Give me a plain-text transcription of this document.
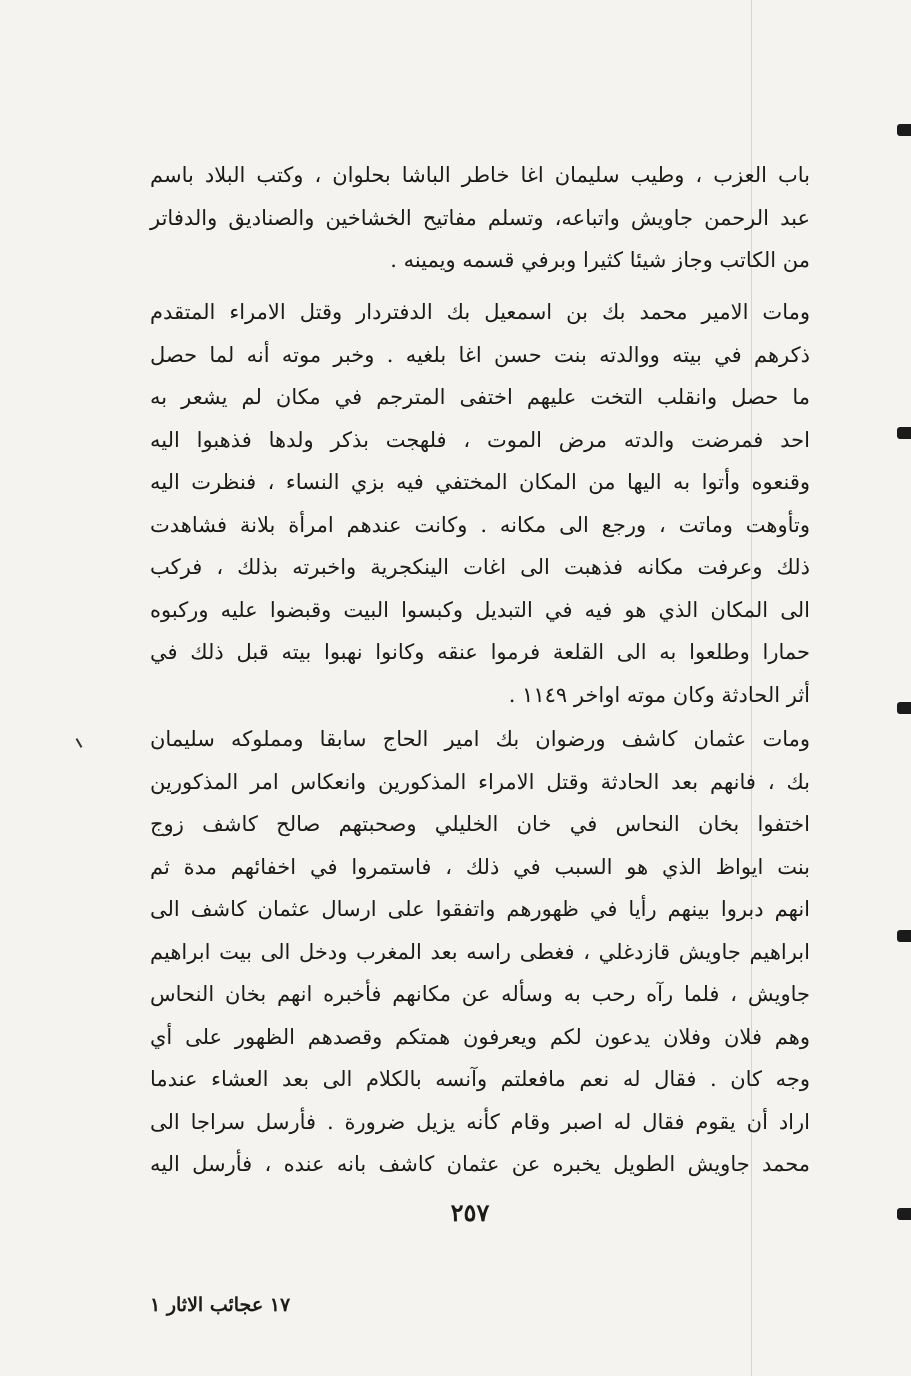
باب العزب ، وطيب سليمان اغا خاطر الباشا بحلوان ، وكتب البلاد باسم
عبد الرحمن جاويش واتباعه، وتسلم مفاتيح الخشاخين والصناديق والدفاتر
من الكاتب وجاز شيئا كثيرا وبرفي قسمه ويمينه .
ومات الامير محمد بك بن اسمعيل بك الدفتردار وقتل الامراء المتقدم
ذكرهم في بيته ووالدته بنت حسن اغا بلغيه . وخبر موته أنه لما حصل
ما حصل وانقلب التخت عليهم اختفى المترجم في مكان لم يشعر به
احد فمرضت والدته مرض الموت ، فلهجت بذكر ولدها فذهبوا اليه
وقنعوه وأتوا به اليها من المكان المختفي فيه بزي النساء ، فنظرت اليه
وتأوهت وماتت ، ورجع الى مكانه . وكانت عندهم امرأة بلانة فشاهدت
ذلك وعرفت مكانه فذهبت الى اغات الينكجرية واخبرته بذلك ، فركب
الى المكان الذي هو فيه في التبديل وكبسوا البيت وقبضوا عليه وركبوه
حمارا وطلعوا به الى القلعة فرموا عنقه وكانوا نهبوا بيته قبل ذلك في
أثر الحادثة وكان موته اواخر ١١٤٩ .
ومات عثمان كاشف ورضوان بك امير الحاج سابقا ومملوكه سليمان
بك ، فانهم بعد الحادثة وقتل الامراء المذكورين وانعكاس امر المذكورين
اختفوا بخان النحاس في خان الخليلي وصحبتهم صالح كاشف زوج
بنت ايواظ الذي هو السبب في ذلك ، فاستمروا في اخفائهم مدة ثم
انهم دبروا بينهم رأيا في ظهورهم واتفقوا على ارسال عثمان كاشف الى
ابراهيم جاويش قازدغلي ، فغطى راسه بعد المغرب ودخل الى بيت ابراهيم
جاويش ، فلما رآه رحب به وسأله عن مكانهم فأخبره انهم بخان النحاس
وهم فلان وفلان يدعون لكم ويعرفون همتكم وقصدهم الظهور على أي
وجه كان . فقال له نعم مافعلتم وآنسه بالكلام الى بعد العشاء عندما
اراد أن يقوم فقال له اصبر وقام كأنه يزيل ضرورة . فأرسل سراجا الى
محمد جاويش الطويل يخبره عن عثمان كاشف بانه عنده ، فأرسل اليه
٢٥٧
١٧ عجائب الاثار ١
